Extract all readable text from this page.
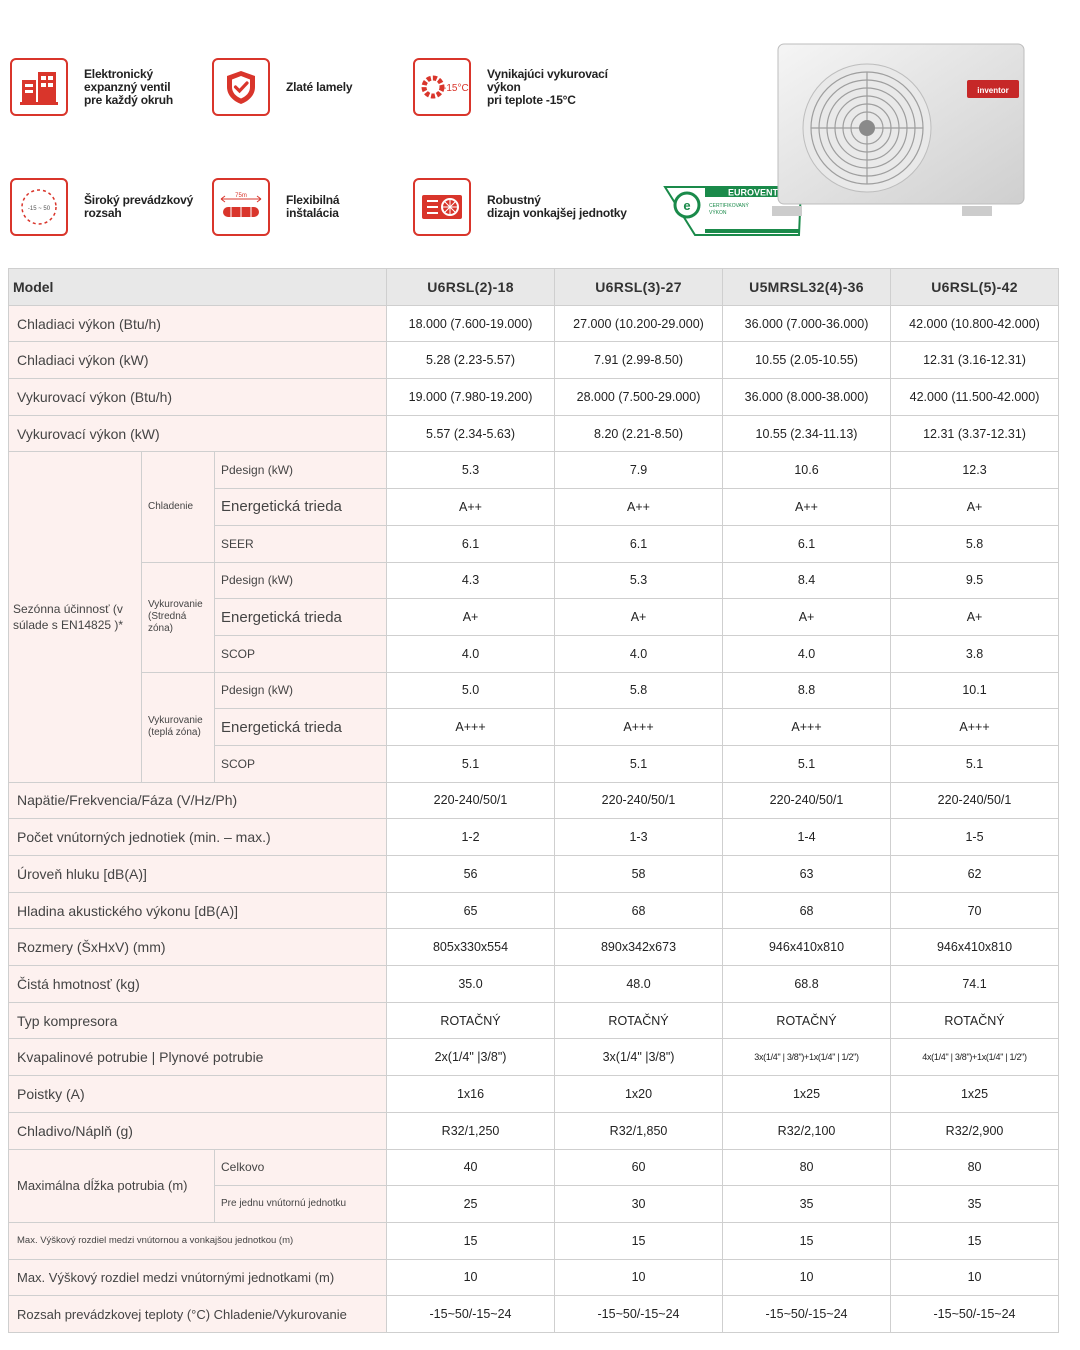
Elektronický
expanzný ventil
pre každý okruh
Zlaté lamely	-15°C
Vynikajúci vykurovací
výkon
pri teplote -15°C
-15 ~ 50
Široký prevádzkový
rozsah
75m	Flexibilná
inštalácia
Robustný
dizajn vonkajšej jednotky
EUROVENT
e	CERTIFIKOVANÝ
VÝKON
inventor
Model			U6RSL(2)-18	U6RSL(3)-27	U5MRSL32(4)-36	U6RSL(5)-42
Chladiaci výkon (Btu/h)			18.000 (7.600-19.000)	27.000 (10.200-29.000)	36.000 (7.000-36.000)	42.000 (10.800-42.000)
Chladiaci výkon (kW)			5.28 (2.23-5.57)	7.91 (2.99-8.50)	10.55 (2.05-10.55)	12.31 (3.16-12.31)
Vykurovací výkon (Btu/h)			19.000 (7.980-19.200)	28.000 (7.500-29.000)	36.000 (8.000-38.000)	42.000 (11.500-42.000)
Vykurovací výkon (kW)			5.57 (2.34-5.63)	8.20 (2.21-8.50)	10.55 (2.34-11.13)	12.31 (3.37-12.31)
Sezónna účinnosť (v súlade s EN14825 )*	Chladenie	Pdesign (kW)	5.3	7.9	10.6	12.3
		Energetická trieda	A++	A++	A++	A+
		SEER	6.1	6.1	6.1	5.8
	Vykurovanie (Stredná zóna)	Pdesign (kW)	4.3	5.3	8.4	9.5
		Energetická trieda	A+	A+	A+	A+
		SCOP	4.0	4.0	4.0	3.8
	Vykurovanie (teplá zóna)	Pdesign (kW)	5.0	5.8	8.8	10.1
		Energetická trieda	A+++	A+++	A+++	A+++
		SCOP	5.1	5.1	5.1	5.1
Napätie/Frekvencia/Fáza (V/Hz/Ph)			220-240/50/1	220-240/50/1	220-240/50/1	220-240/50/1
Počet vnútorných jednotiek (min. – max.)			1-2	1-3	1-4	1-5
Úroveň hluku [dB(A)]			56	58	63	62
Hladina akustického výkonu [dB(A)]			65	68	68	70
Rozmery (ŠxHxV) (mm)			805x330x554	890x342x673	946x410x810	946x410x810
Čistá hmotnosť (kg)			35.0	48.0	68.8	74.1
Typ kompresora			ROTAČNÝ	ROTAČNÝ	ROTAČNÝ	ROTAČNÝ
Kvapalinové potrubie | Plynové potrubie			2x(1/4" |3/8")	3x(1/4" |3/8")	3x(1/4" | 3/8")+1x(1/4" | 1/2")	4x(1/4" | 3/8")+1x(1/4" | 1/2")
Poistky (A)			1x16	1x20	1x25	1x25
Chladivo/Náplň (g)			R32/1,250	R32/1,850	R32/2,100	R32/2,900
Maximálna dĺžka potrubia (m)		Celkovo	40	60	80	80
		Pre jednu vnútornú jednotku	25	30	35	35
Max. Výškový rozdiel medzi vnútornou a vonkajšou jednotkou (m)			15	15	15	15
Max. Výškový rozdiel medzi vnútornými jednotkami (m)			10	10	10	10
Rozsah prevádzkovej teploty (°C) Chladenie/Vykurovanie			-15~50/-15~24	-15~50/-15~24	-15~50/-15~24	-15~50/-15~24
